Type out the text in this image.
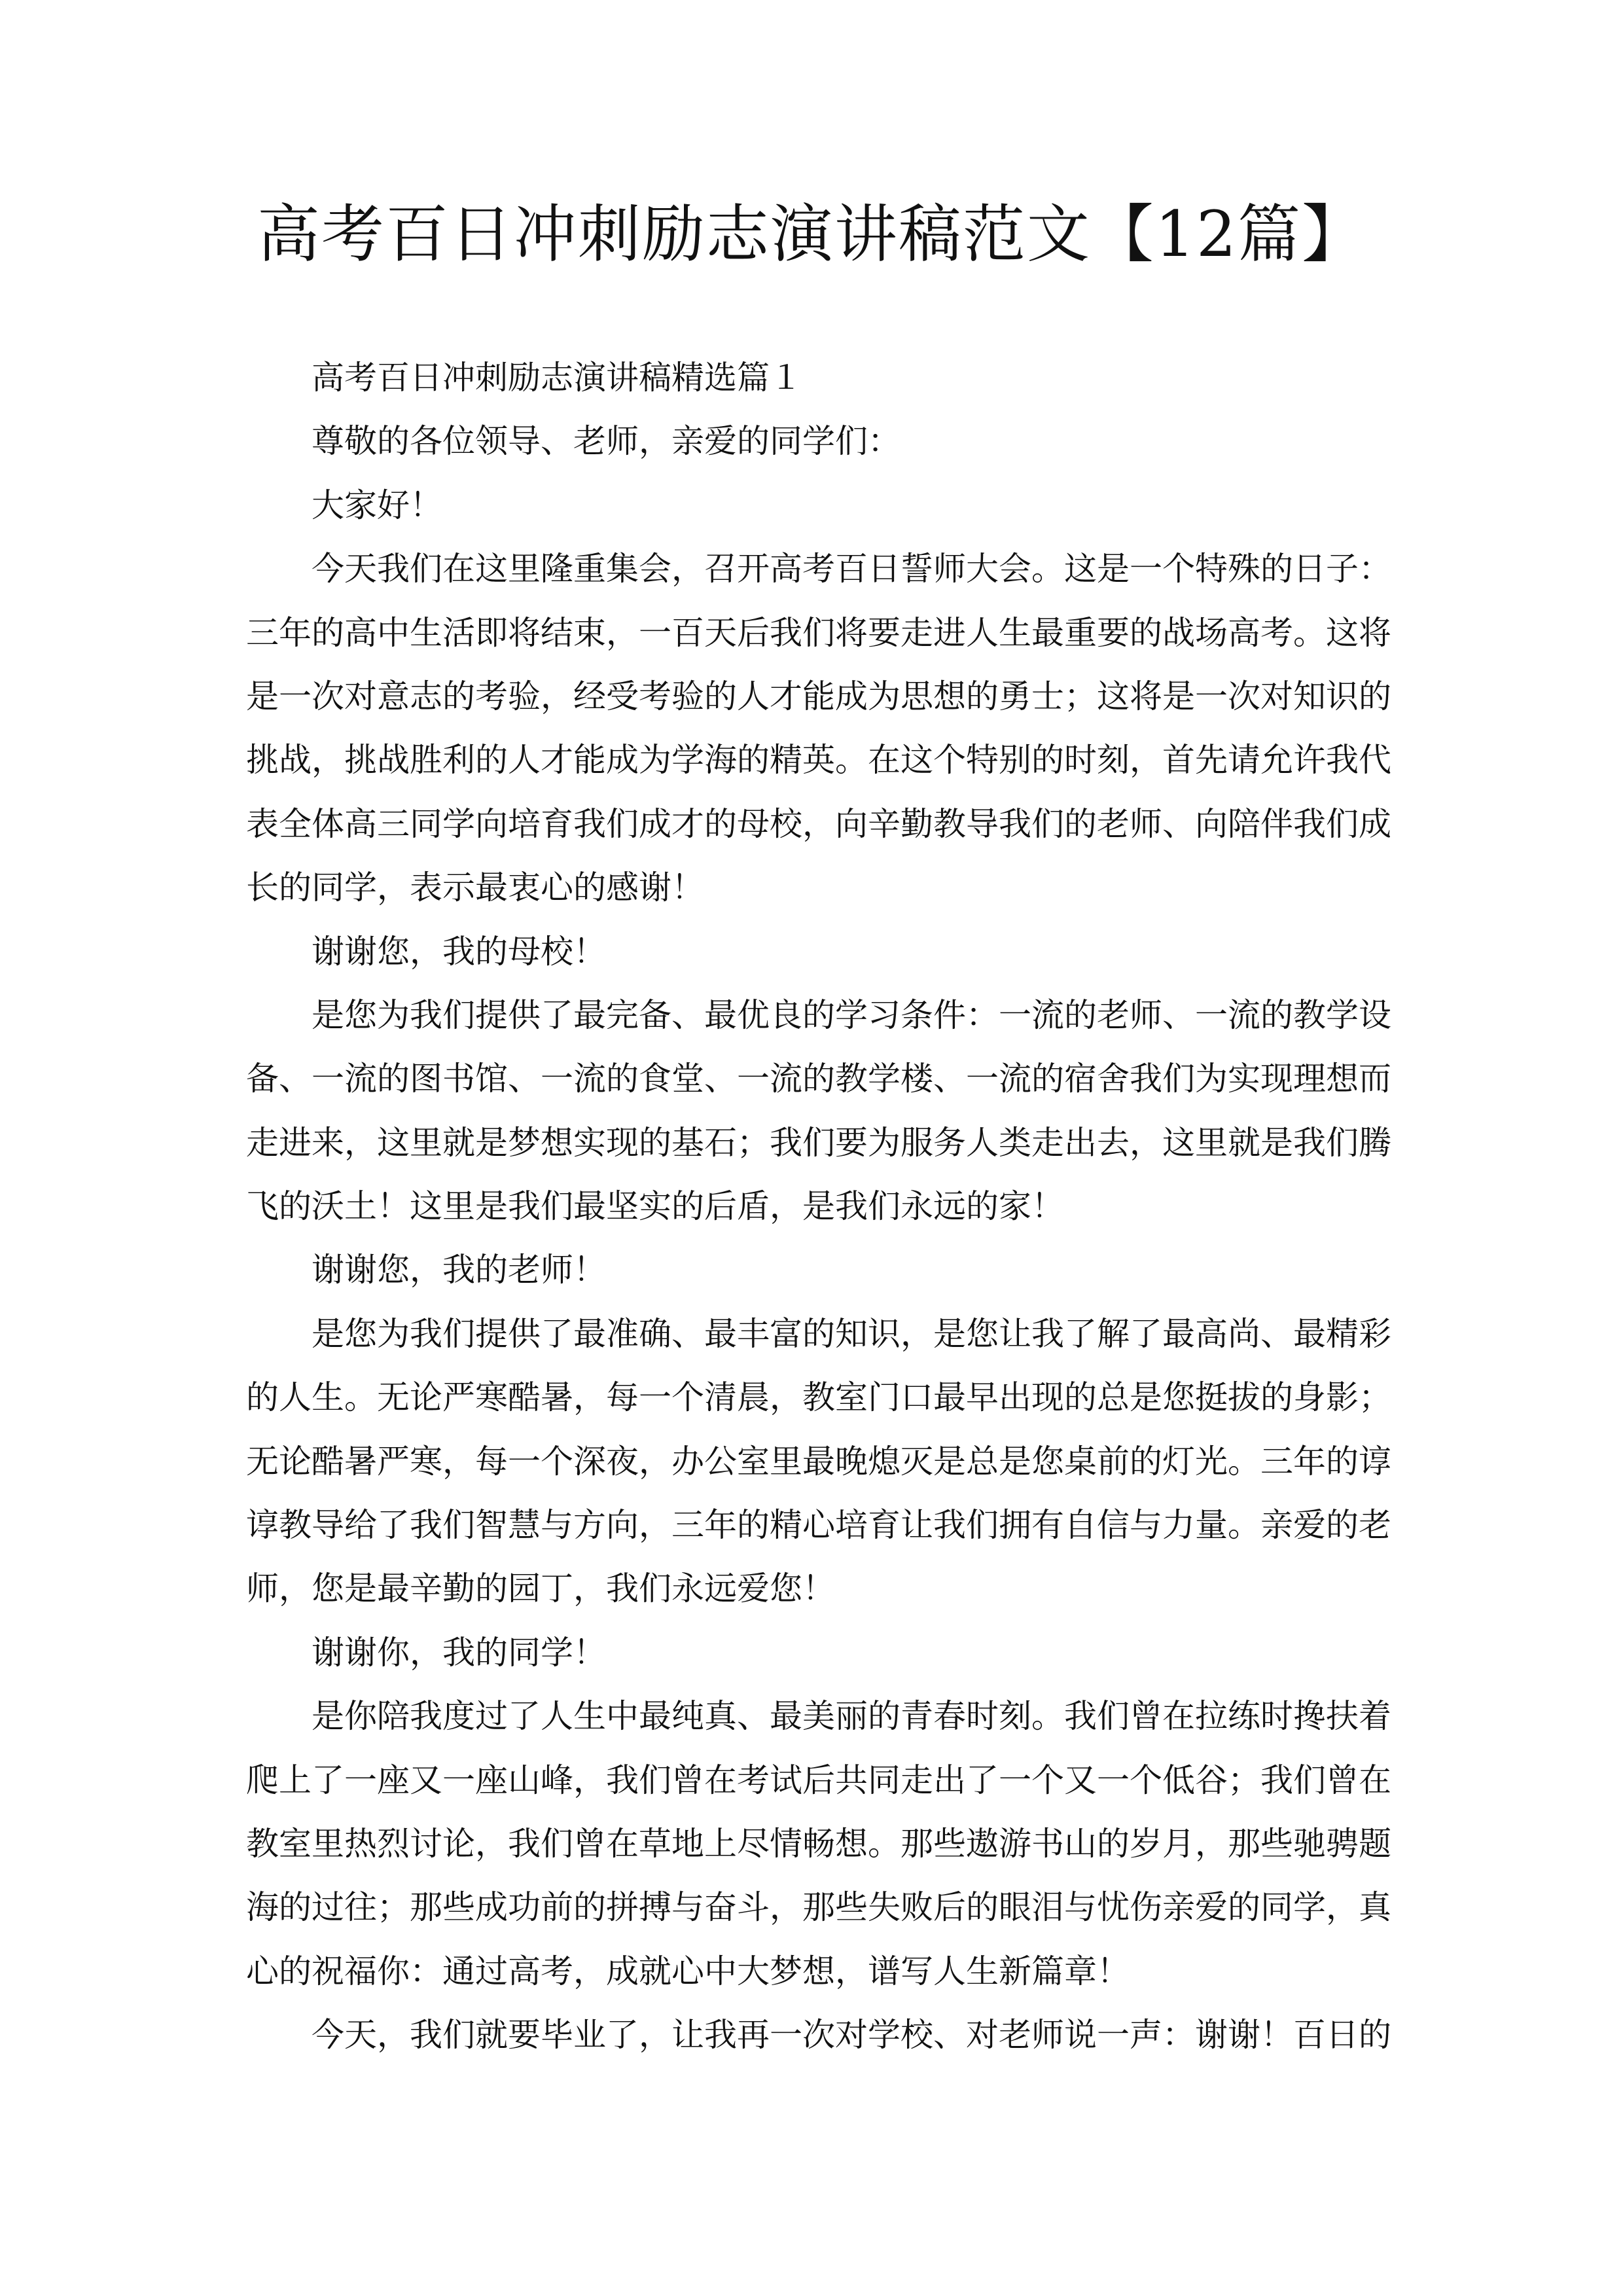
高考百日冲刺励志演讲稿范文【12篇】
高考百日冲刺励志演讲稿精选篇１
尊敬的各位领导、老师，亲爱的同学们：
大家好！
今天我们在这里隆重集会，召开高考百日誓师大会。这是一个特殊的日子：
三年的高中生活即将结束，一百天后我们将要走进人生最重要的战场高考。这将
是一次对意志的考验，经受考验的人才能成为思想的勇士；这将是一次对知识的
挑战，挑战胜利的人才能成为学海的精英。在这个特别的时刻，首先请允许我代
表全体高三同学向培育我们成才的母校，向辛勤教导我们的老师、向陪伴我们成
长的同学，表示最衷心的感谢！
谢谢您，我的母校！
是您为我们提供了最完备、最优良的学习条件：一流的老师、一流的教学设
备、一流的图书馆、一流的食堂、一流的教学楼、一流的宿舍我们为实现理想而
走进来，这里就是梦想实现的基石；我们要为服务人类走出去，这里就是我们腾
飞的沃土！这里是我们最坚实的后盾，是我们永远的家！
谢谢您，我的老师！
是您为我们提供了最准确、最丰富的知识，是您让我了解了最高尚、最精彩
的人生。无论严寒酷暑，每一个清晨，教室门口最早出现的总是您挺拔的身影；
无论酷暑严寒，每一个深夜，办公室里最晚熄灭是总是您桌前的灯光。三年的谆
谆教导给了我们智慧与方向，三年的精心培育让我们拥有自信与力量。亲爱的老
师，您是最辛勤的园丁，我们永远爱您！
谢谢你，我的同学！
是你陪我度过了人生中最纯真、最美丽的青春时刻。我们曾在拉练时搀扶着
爬上了一座又一座山峰，我们曾在考试后共同走出了一个又一个低谷；我们曾在
教室里热烈讨论，我们曾在草地上尽情畅想。那些遨游书山的岁月，那些驰骋题
海的过往；那些成功前的拼搏与奋斗，那些失败后的眼泪与忧伤亲爱的同学，真
心的祝福你：通过高考，成就心中大梦想，谱写人生新篇章！
今天，我们就要毕业了，让我再一次对学校、对老师说一声：谢谢！百日的
